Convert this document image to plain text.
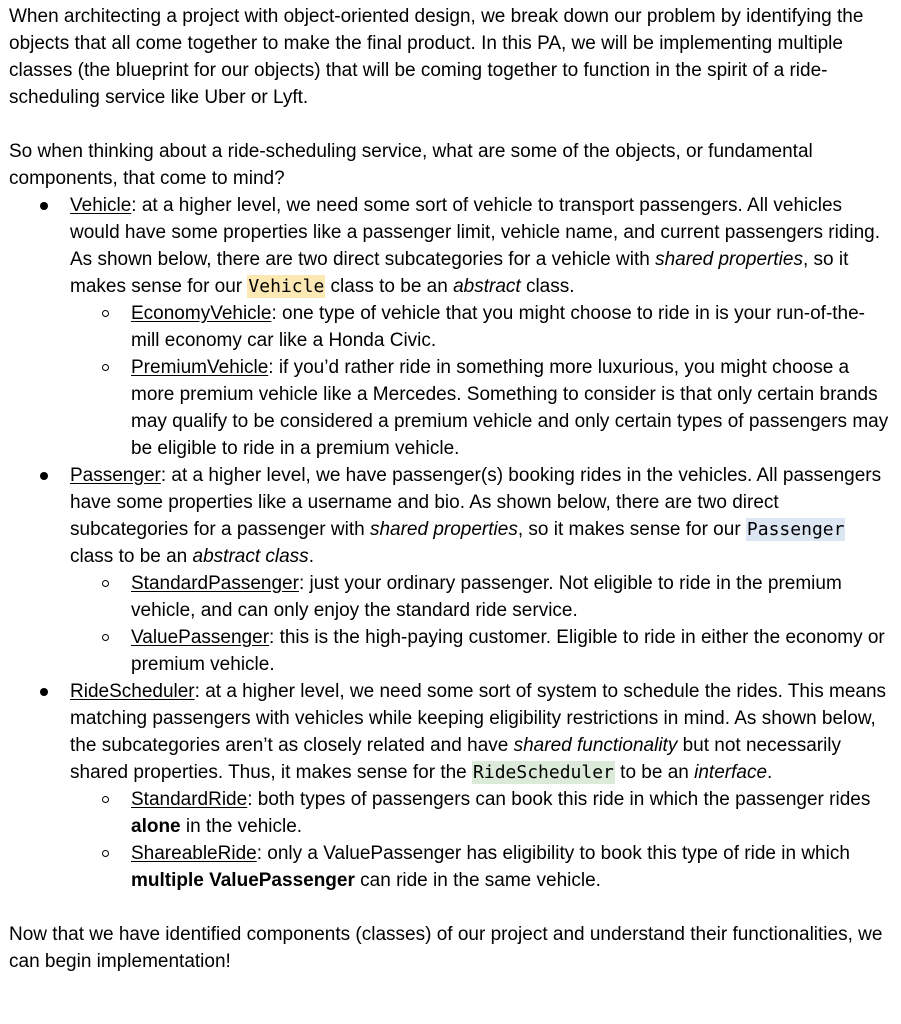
When architecting a project with object-oriented design, we break down our problem by identifying the objects that all come together to make the final product. In this PA, we will be implementing multiple classes (the blueprint for our objects) that will be coming together to function in the spirit of a ride-scheduling service like Uber or Lyft.

So when thinking about a ride-scheduling service, what are some of the objects, or fundamental components, that come to mind?

Vehicle: at a higher level, we need some sort of vehicle to transport passengers. All vehicles would have some properties like a passenger limit, vehicle name, and current passengers riding. As shown below, there are two direct subcategories for a vehicle with shared properties, so it makes sense for our Vehicle class to be an abstract class.
EconomyVehicle: one type of vehicle that you might choose to ride in is your run-of-the-mill economy car like a Honda Civic.
PremiumVehicle: if you’d rather ride in something more luxurious, you might choose a more premium vehicle like a Mercedes. Something to consider is that only certain brands may qualify to be considered a premium vehicle and only certain types of passengers may be eligible to ride in a premium vehicle.
Passenger: at a higher level, we have passenger(s) booking rides in the vehicles. All passengers have some properties like a username and bio. As shown below, there are two direct subcategories for a passenger with shared properties, so it makes sense for our Passenger class to be an abstract class.
StandardPassenger: just your ordinary passenger. Not eligible to ride in the premium vehicle, and can only enjoy the standard ride service.
ValuePassenger: this is the high-paying customer. Eligible to ride in either the economy or premium vehicle.
RideScheduler: at a higher level, we need some sort of system to schedule the rides. This means matching passengers with vehicles while keeping eligibility restrictions in mind. As shown below, the subcategories aren’t as closely related and have shared functionality but not necessarily shared properties. Thus, it makes sense for the RideScheduler to be an interface.
StandardRide: both types of passengers can book this ride in which the passenger rides alone in the vehicle.
ShareableRide: only a ValuePassenger has eligibility to book this type of ride in which multiple ValuePassenger can ride in the same vehicle.

Now that we have identified components (classes) of our project and understand their functionalities, we can begin implementation!
